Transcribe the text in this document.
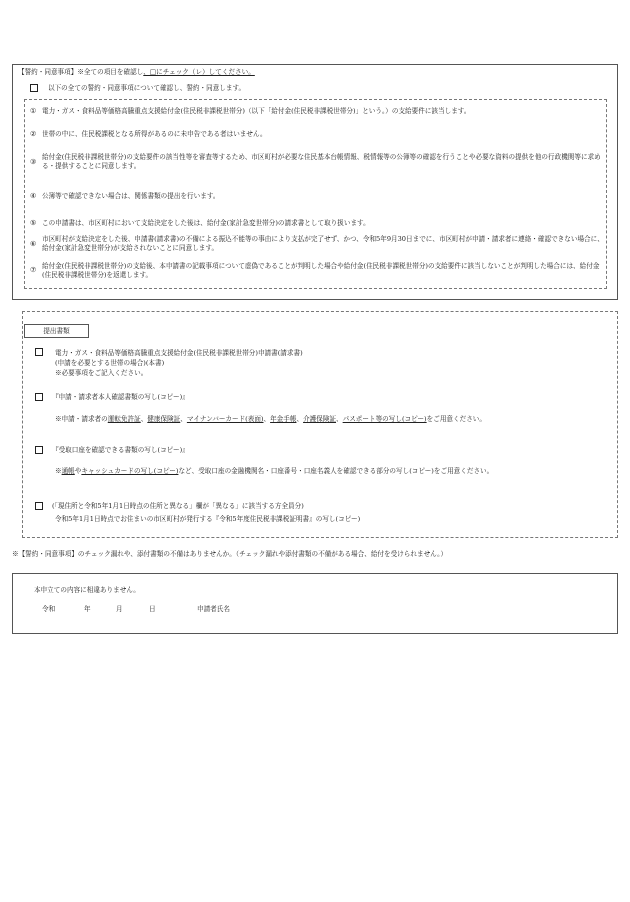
【誓約・同意事項】※全ての項目を確認し、□にチェック（レ）してください。
以下の全ての誓約・同意事項について確認し、誓約・同意します。
① 電力・ガス・食料品等価格高騰重点支援給付金(住民税非課税世帯分)（以下「給付金(住民税非課税世帯分)」という。）の支給要件に該当します。
② 世帯の中に、住民税課税となる所得があるのに未申告である者はいません。
③
給付金(住民税非課税世帯分)の支給要件の該当性等を審査等するため、市区町村が必要な住民基本台帳情報、税情報等の公簿等の確認を行うことや必要な資料の提供を他の行政機関等に求める・提供することに同意します。
④ 公簿等で確認できない場合は、関係書類の提出を行います。
⑤ この申請書は、市区町村において支給決定をした後は、給付金(家計急変世帯分)の請求書として取り扱います。
⑥
市区町村が支給決定をした後、申請書(請求書)の不備による振込不能等の事由により支払が完了せず、かつ、令和5年9月30日までに、市区町村が申請・請求者に連絡・確認できない場合に、給付金(家計急変世帯分)が支給されないことに同意します。
⑦ 給付金(住民税非課税世帯分)の支給後、本申請書の記載事項について虚偽であることが判明した場合や給付金(住民税非課税世帯分)の支給要件に該当しないことが判明した場合には、給付金(住民税非課税世帯分)を返還します。
提出書類
電力・ガス・食料品等価格高騰重点支援給付金(住民税非課税世帯分)申請書(請求書)
(申請を必要とする世帯の場合)(本書)
※必要事項をご記入ください。
『申請・請求者本人確認書類の写し(コピー)』
※申請・請求者の運転免許証、健康保険証、マイナンバーカード(表面)、年金手帳、介護保険証、パスポート等の写し(コピー)をご用意ください。
『受取口座を確認できる書類の写し(コピー)』
※通帳やキャッシュカードの写し(コピー)など、受取口座の金融機関名・口座番号・口座名義人を確認できる部分の写し(コピー)をご用意ください。
(「現住所と令和5年1月1日時点の住所と異なる」欄が「異なる」に該当する方全員分)
令和5年1月1日時点でお住まいの市区町村が発行する『令和5年度住民税非課税証明書』の写し(コピー)
※【誓約・同意事項】のチェック漏れや、添付書類の不備はありませんか。（チェック漏れや添付書類の不備がある場合、給付を受けられません。）
本申立ての内容に相違ありません。
令和	年	月	日	申請者氏名
